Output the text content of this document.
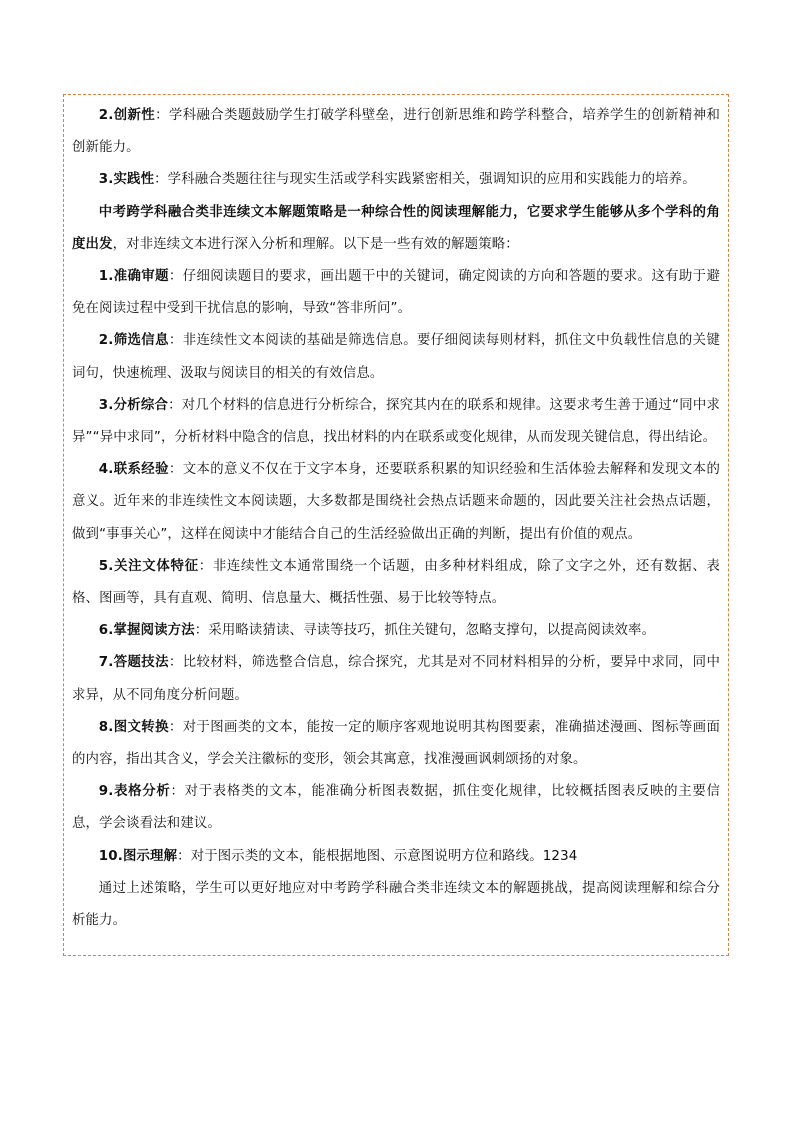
2.创新性：学科融合类题鼓励学生打破学科壁垒，进行创新思维和跨学科整合，培养学生的创新精神和创新能力。

3.实践性：学科融合类题往往与现实生活或学科实践紧密相关，强调知识的应用和实践能力的培养。

中考跨学科融合类非连续文本解题策略是一种综合性的阅读理解能力，它要求学生能够从多个学科的角度出发，对非连续文本进行深入分析和理解。以下是一些有效的解题策略：

1.准确审题：仔细阅读题目的要求，画出题干中的关键词，确定阅读的方向和答题的要求。这有助于避免在阅读过程中受到干扰信息的影响，导致“答非所问”。

2.筛选信息：非连续性文本阅读的基础是筛选信息。要仔细阅读每则材料，抓住文中负载性信息的关键词句，快速梳理、汲取与阅读目的相关的有效信息。

3.分析综合：对几个材料的信息进行分析综合，探究其内在的联系和规律。这要求考生善于通过“同中求异”“异中求同”，分析材料中隐含的信息，找出材料的内在联系或变化规律，从而发现关键信息，得出结论。

4.联系经验：文本的意义不仅在于文字本身，还要联系积累的知识经验和生活体验去解释和发现文本的意义。近年来的非连续性文本阅读题，大多数都是围绕社会热点话题来命题的，因此要关注社会热点话题，做到“事事关心”，这样在阅读中才能结合自己的生活经验做出正确的判断，提出有价值的观点。

5.关注文体特征：非连续性文本通常围绕一个话题，由多种材料组成，除了文字之外，还有数据、表格、图画等，具有直观、简明、信息量大、概括性强、易于比较等特点。

6.掌握阅读方法：采用略读猜读、寻读等技巧，抓住关键句，忽略支撑句，以提高阅读效率。

7.答题技法：比较材料，筛选整合信息，综合探究，尤其是对不同材料相异的分析，要异中求同，同中求异，从不同角度分析问题。

8.图文转换：对于图画类的文本，能按一定的顺序客观地说明其构图要素，准确描述漫画、图标等画面的内容，指出其含义，学会关注徽标的变形，领会其寓意，找准漫画讽刺颂扬的对象。

9.表格分析：对于表格类的文本，能准确分析图表数据，抓住变化规律，比较概括图表反映的主要信息，学会谈看法和建议。

10.图示理解：对于图示类的文本，能根据地图、示意图说明方位和路线。1234

通过上述策略，学生可以更好地应对中考跨学科融合类非连续文本的解题挑战，提高阅读理解和综合分析能力。
